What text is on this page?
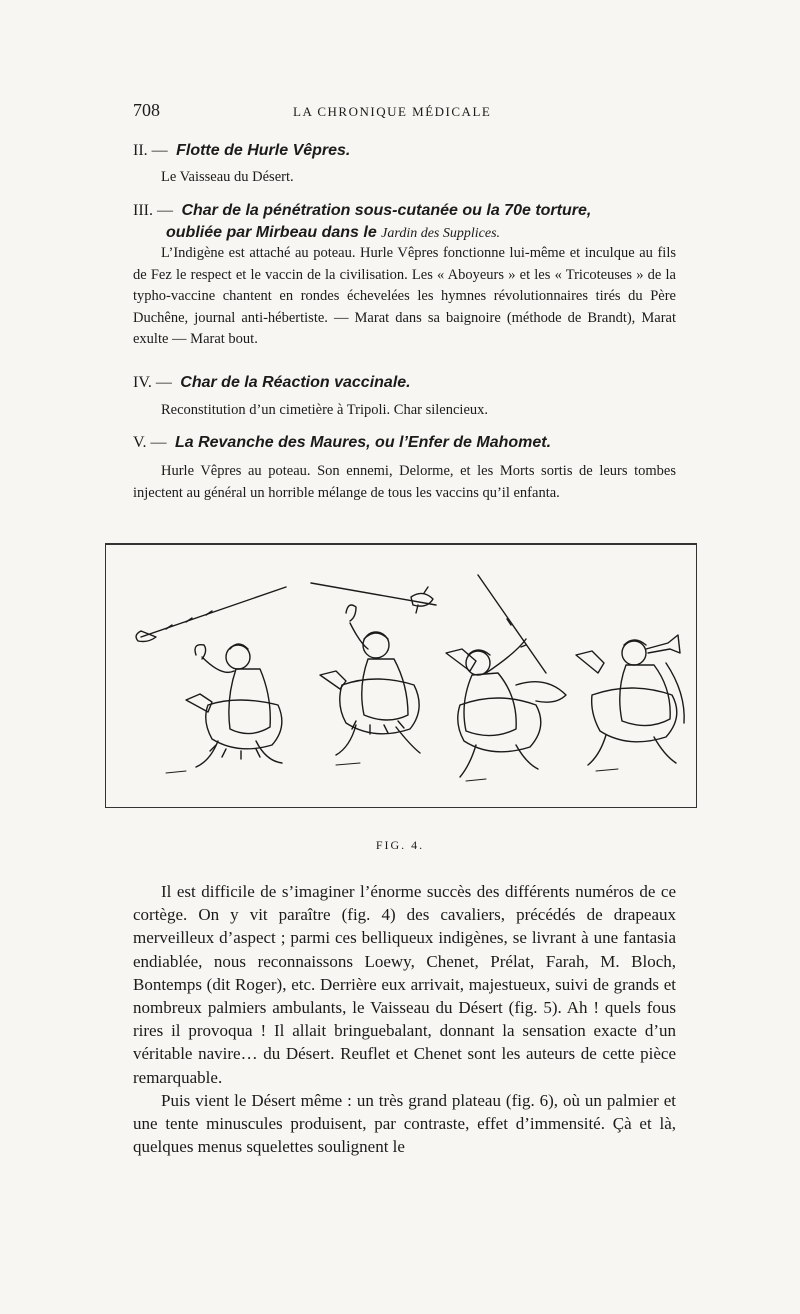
708	LA CHRONIQUE MÉDICALE
II. — Flotte de Hurle Vêpres.
Le Vaisseau du Désert.
III. — Char de la pénétration sous-cutanée ou la 70e torture,
oubliée par Mirbeau dans le Jardin des Supplices.
L’Indigène est attaché au poteau. Hurle Vêpres fonctionne lui-même et inculque au fils de Fez le respect et le vaccin de la civilisation. Les « Aboyeurs » et les « Tricoteuses » de la typho-vaccine chantent en rondes échevelées les hymnes révolutionnaires tirés du Père Duchêne, journal anti-hébertiste. — Marat dans sa baignoire (méthode de Brandt), Marat exulte — Marat bout.
IV. — Char de la Réaction vaccinale.
Reconstitution d’un cimetière à Tripoli. Char silencieux.
V. — La Revanche des Maures, ou l’Enfer de Mahomet.
Hurle Vêpres au poteau. Son ennemi, Delorme, et les Morts sortis de leurs tombes injectent au général un horrible mélange de tous les vaccins qu’il enfanta.
FIG. 4.

Il est difficile de s’imaginer l’énorme succès des différents numéros de ce cortège. On y vit paraître (fig. 4) des cavaliers, précédés de drapeaux merveilleux d’aspect ; parmi ces belliqueux indigènes, se livrant à une fantasia endiablée, nous reconnaissons Loewy, Chenet, Prélat, Farah, M. Bloch, Bontemps (dit Roger), etc. Derrière eux arrivait, majestueux, suivi de grands et nombreux palmiers ambulants, le Vaisseau du Désert (fig. 5). Ah ! quels fous rires il provoqua ! Il allait bringuebalant, donnant la sensation exacte d’un véritable navire… du Désert. Reuflet et Chenet sont les auteurs de cette pièce remarquable.

Puis vient le Désert même : un très grand plateau (fig. 6), où un palmier et une tente minuscules produisent, par contraste, effet d’immensité. Çà et là, quelques menus squelettes soulignent le
